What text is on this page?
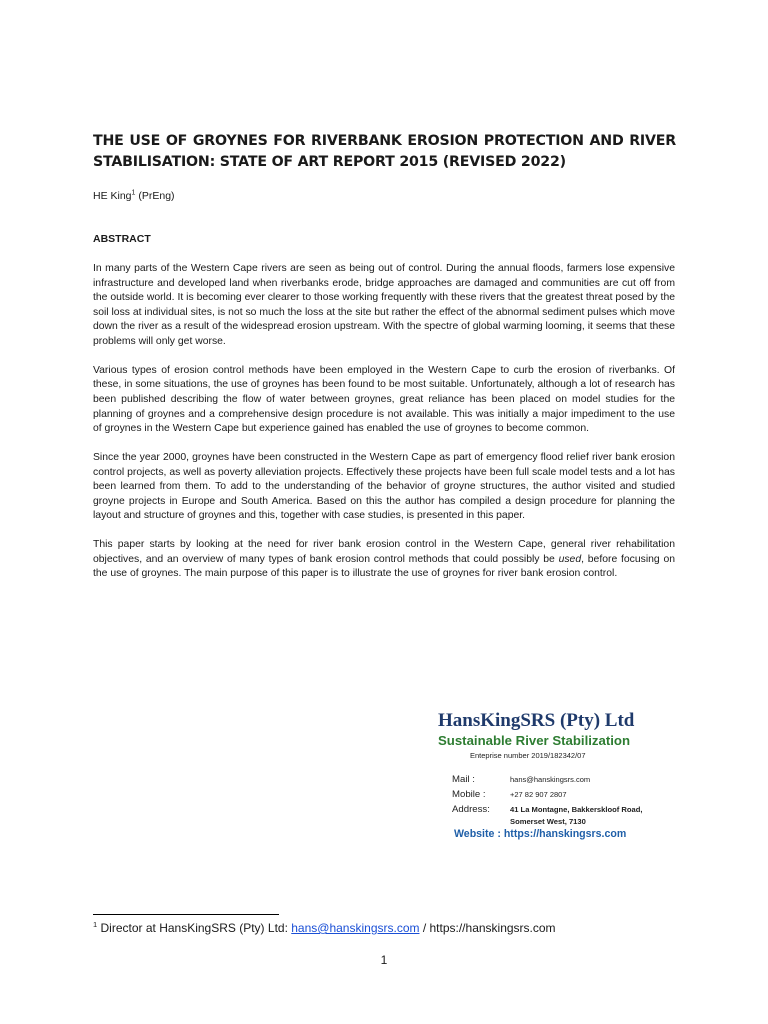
THE USE OF GROYNES FOR RIVERBANK EROSION PROTECTION AND RIVER STABILISATION: STATE OF ART REPORT 2015 (REVISED 2022)

HE King$^1$ (PrEng)

ABSTRACT

In many parts of the Western Cape rivers are seen as being out of control. During the annual floods, farmers lose expensive infrastructure and developed land when riverbanks erode, bridge approaches are damaged and communities are cut off from the outside world. It is becoming ever clearer to those working frequently with these rivers that the greatest threat posed by the soil loss at individual sites, is not so much the loss at the site but rather the effect of the abnormal sediment pulses which move down the river as a result of the widespread erosion upstream. With the spectre of global warming looming, it seems that these problems will only get worse.

Various types of erosion control methods have been employed in the Western Cape to curb the erosion of riverbanks. Of these, in some situations, the use of groynes has been found to be most suitable. Unfortunately, although a lot of research has been published describing the flow of water between groynes, great reliance has been placed on model studies for the planning of groynes and a comprehensive design procedure is not available. This was initially a major impediment to the use of groynes in the Western Cape but experience gained has enabled the use of groynes to become common.

Since the year 2000, groynes have been constructed in the Western Cape as part of emergency flood relief river bank erosion control projects, as well as poverty alleviation projects. Effectively these projects have been full scale model tests and a lot has been learned from them. To add to the understanding of the behavior of groyne structures, the author visited and studied groyne projects in Europe and South America. Based on this the author has compiled a design procedure for planning the layout and structure of groynes and this, together with case studies, is presented in this paper.

This paper starts by looking at the need for river bank erosion control in the Western Cape, general river rehabilitation objectives, and an overview of many types of bank erosion control methods that could possibly be used, before focusing on the use of groynes. The main purpose of this paper is to illustrate the use of groynes for river bank erosion control.

HansKingSRS (Pty) Ltd

Sustainable River Stabilization

Enteprise number 2019/182342/07

Mail :	hans@hanskingsrs.com
Mobile :	+27 82 907 2807
Address:	41 La Montagne, Bakkerskloof Road,
Somerset West, 7130
Website : https://hanskingsrs.com
$^1$ Director at HansKingSRS (Pty) Ltd: hans@hanskingsrs.com / https://hanskingsrs.com
1
